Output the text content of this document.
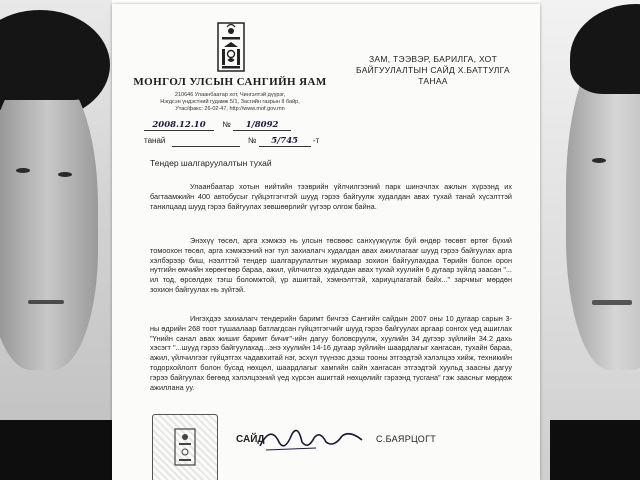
МОНГОЛ УЛСЫН САНГИЙН ЯАМ
210646 Улаанбаатар хот, Чингэлтэй дүүрэг,
Нэгдсэн үндэстний гудамж 5/1, Засгийн газрын II байр,
Утас/факс: 26-02-47, http://www.mof.gov.mn
ЗАМ, ТЭЭВЭР, БАРИЛГА, ХОТ
БАЙГУУЛАЛТЫН САЙД Х.БАТТУЛГА
ТАНАА
2008.12.10 № 1/8092
танай	№ 5/745 -т
Тендер шалгаруулалтын тухай

Улаанбаатар хотын нийтийн тээврийн үйлчилгээний парк шинэчлэх ажлын хүрээнд их багтаамжийн 400 автобусыг гүйцэтгэгчтэй шууд гэрээ байгуулж худалдан авах тухай танай хүсэлттэй танилцаад шууд гэрээ байгуулах зөвшөөрлийг үүгээр олгож байна.

Энэхүү төсөл, арга хэмжээ нь улсын төсвөөс санхүүжүүлж буй өндөр төсөвт өртөг бүхий томоохон төсөл, арга хэмжээний нэг тул захиалагч худалдан авах ажиллагааг шууд гэрээ байгуулах арга хэлбэрээр биш, нээлттэй тендер шалгаруулалтын журмаар зохион байгуулахдаа Төрийн болон орон нутгийн өмчийн хөрөнгөөр бараа, ажил, үйлчилгээ худалдан авах тухай хуулийн 6 дугаар зүйлд заасан "... ил тод, өрсөлдөх тэгш боломжтой, үр ашигтай, хэмнэлттэй, хариуцлагатай байх..." зарчмыг мөрдөн зохион байгуулах нь зүйтэй.

Ингэхдээ захиалагч тендерийн баримт бичгээ Сангийн сайдын 2007 оны 10 дугаар сарын 3-ны өдрийн 268 тоот тушаалаар батлагдсан гүйцэтгэгчийг шууд гэрээ байгуулах аргаар сонгох үед ашиглах "Үнийн санал авах жишиг баримт бичиг"-ийн дагуу боловсруулж, хуулийн 34 дүгээр зүйлийн 34.2 дахь хэсэгт "...шууд гэрээ байгуулахад...энэ хуулийн 14-16 дугаар зүйлийн шаардлагыг хангасан, тухайн бараа, ажил, үйлчилгээг гүйцэтгэх чадавхитай нэг, эсхүл түүнээс дээш тооны этгээдтэй хэлэлцээ хийж, техникийн тодорхойлолт болон бусад нөхцөл, шаардлагыг хамгийн сайн хангасан этгээдтэй хуульд заасны дагуу гэрээ байгуулах бөгөөд хэлэлцээний үед хүрсэн ашигтай нөхцөлийг гэрээнд тусгана" гэж заасныг мөрдөж ажиллана уу.

САЙД	С.БАЯРЦОГТ
